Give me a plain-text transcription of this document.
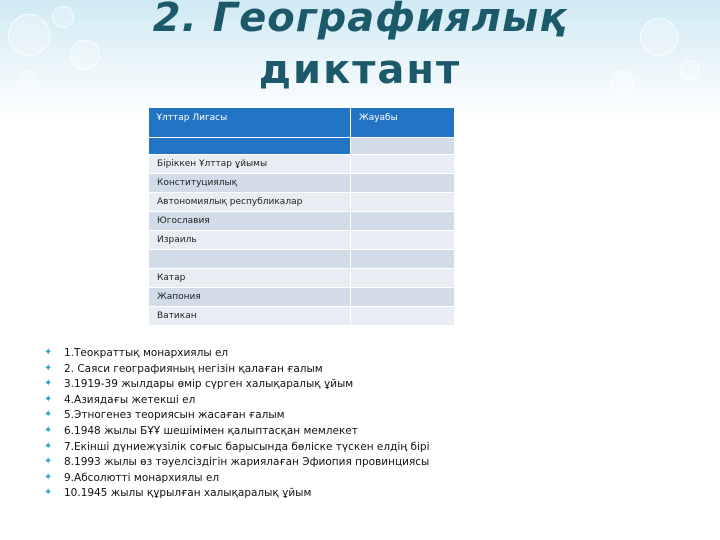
2. Географиялық
диктант
Ұлттар Лигасы	Жауабы

Біріккен Ұлттар ұйымы	
Конституциялық	
Автономиялық республикалар	
Югославия	
Израиль	

Катар	
Жапония	
Ватикан	
✦ 1.Теократтық монархиялы ел
✦ 2. Саяси географияның негізін қалаған ғалым
✦ 3.1919-39 жылдары өмір сүрген халықаралық ұйым
✦ 4.Азиядағы жетекші ел
✦ 5.Этногенез теориясын жасаған ғалым
✦ 6.1948 жылы БҰҰ шешімімен қалыптасқан мемлекет
✦ 7.Екінші дүниежүзілік соғыс барысында бөлiске түскен елдің бірі
✦ 8.1993 жылы өз тәуелсіздігін жариялаған Эфиопия провинциясы
✦ 9.Абсолютті монархиялы ел
✦ 10.1945 жылы құрылған халықаралық ұйым
